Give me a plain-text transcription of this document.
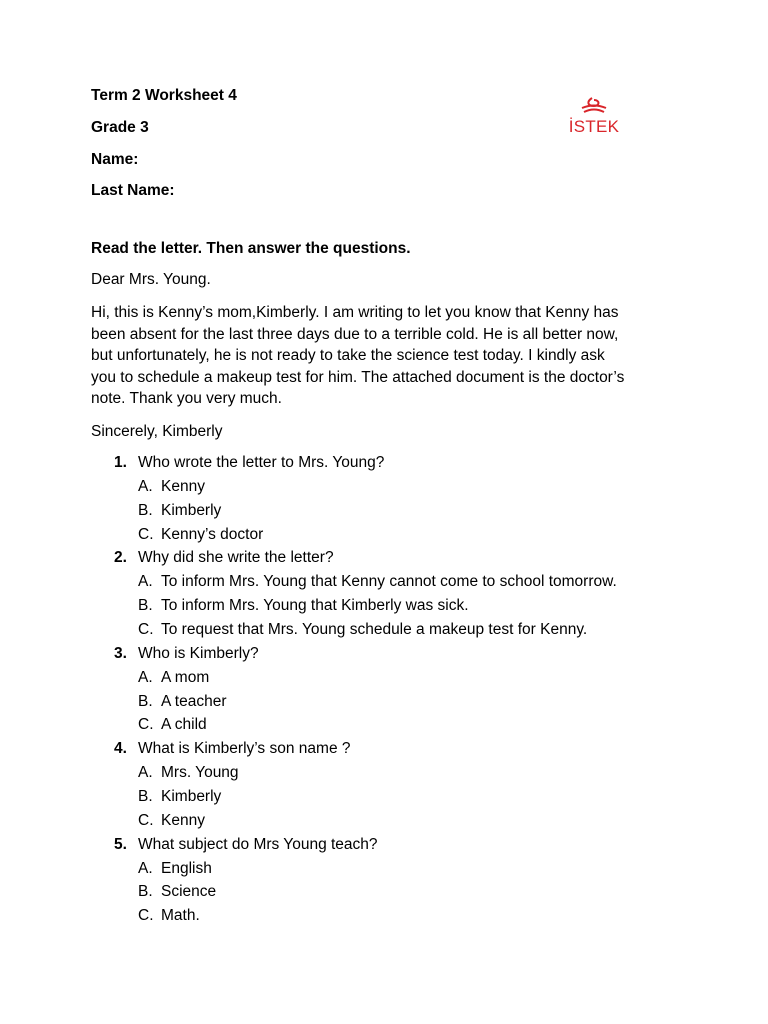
Term 2 Worksheet 4
Grade 3
Name:
Last Name:
İSTEK
Read the letter. Then answer the questions.
Dear Mrs. Young.
Hi, this is Kenny’s mom,Kimberly. I am writing to let you know that Kenny has
been absent for the last three days due to a terrible cold. He is all better now,
but unfortunately, he is not ready to take the science test today. I kindly ask
you to schedule a makeup test for him. The attached document is the doctor’s
note. Thank you very much.
Sincerely, Kimberly
1. Who wrote the letter to Mrs. Young?
A. Kenny
B. Kimberly
C. Kenny’s doctor
2. Why did she write the letter?
A. To inform Mrs. Young that Kenny cannot come to school tomorrow.
B. To inform Mrs. Young that Kimberly was sick.
C. To request that Mrs. Young schedule a makeup test for Kenny.
3. Who is Kimberly?
A. A mom
B. A teacher
C. A child
4. What is Kimberly’s son name ?
A. Mrs. Young
B. Kimberly
C. Kenny
5. What subject do Mrs Young teach?
A. English
B. Science
C. Math.
